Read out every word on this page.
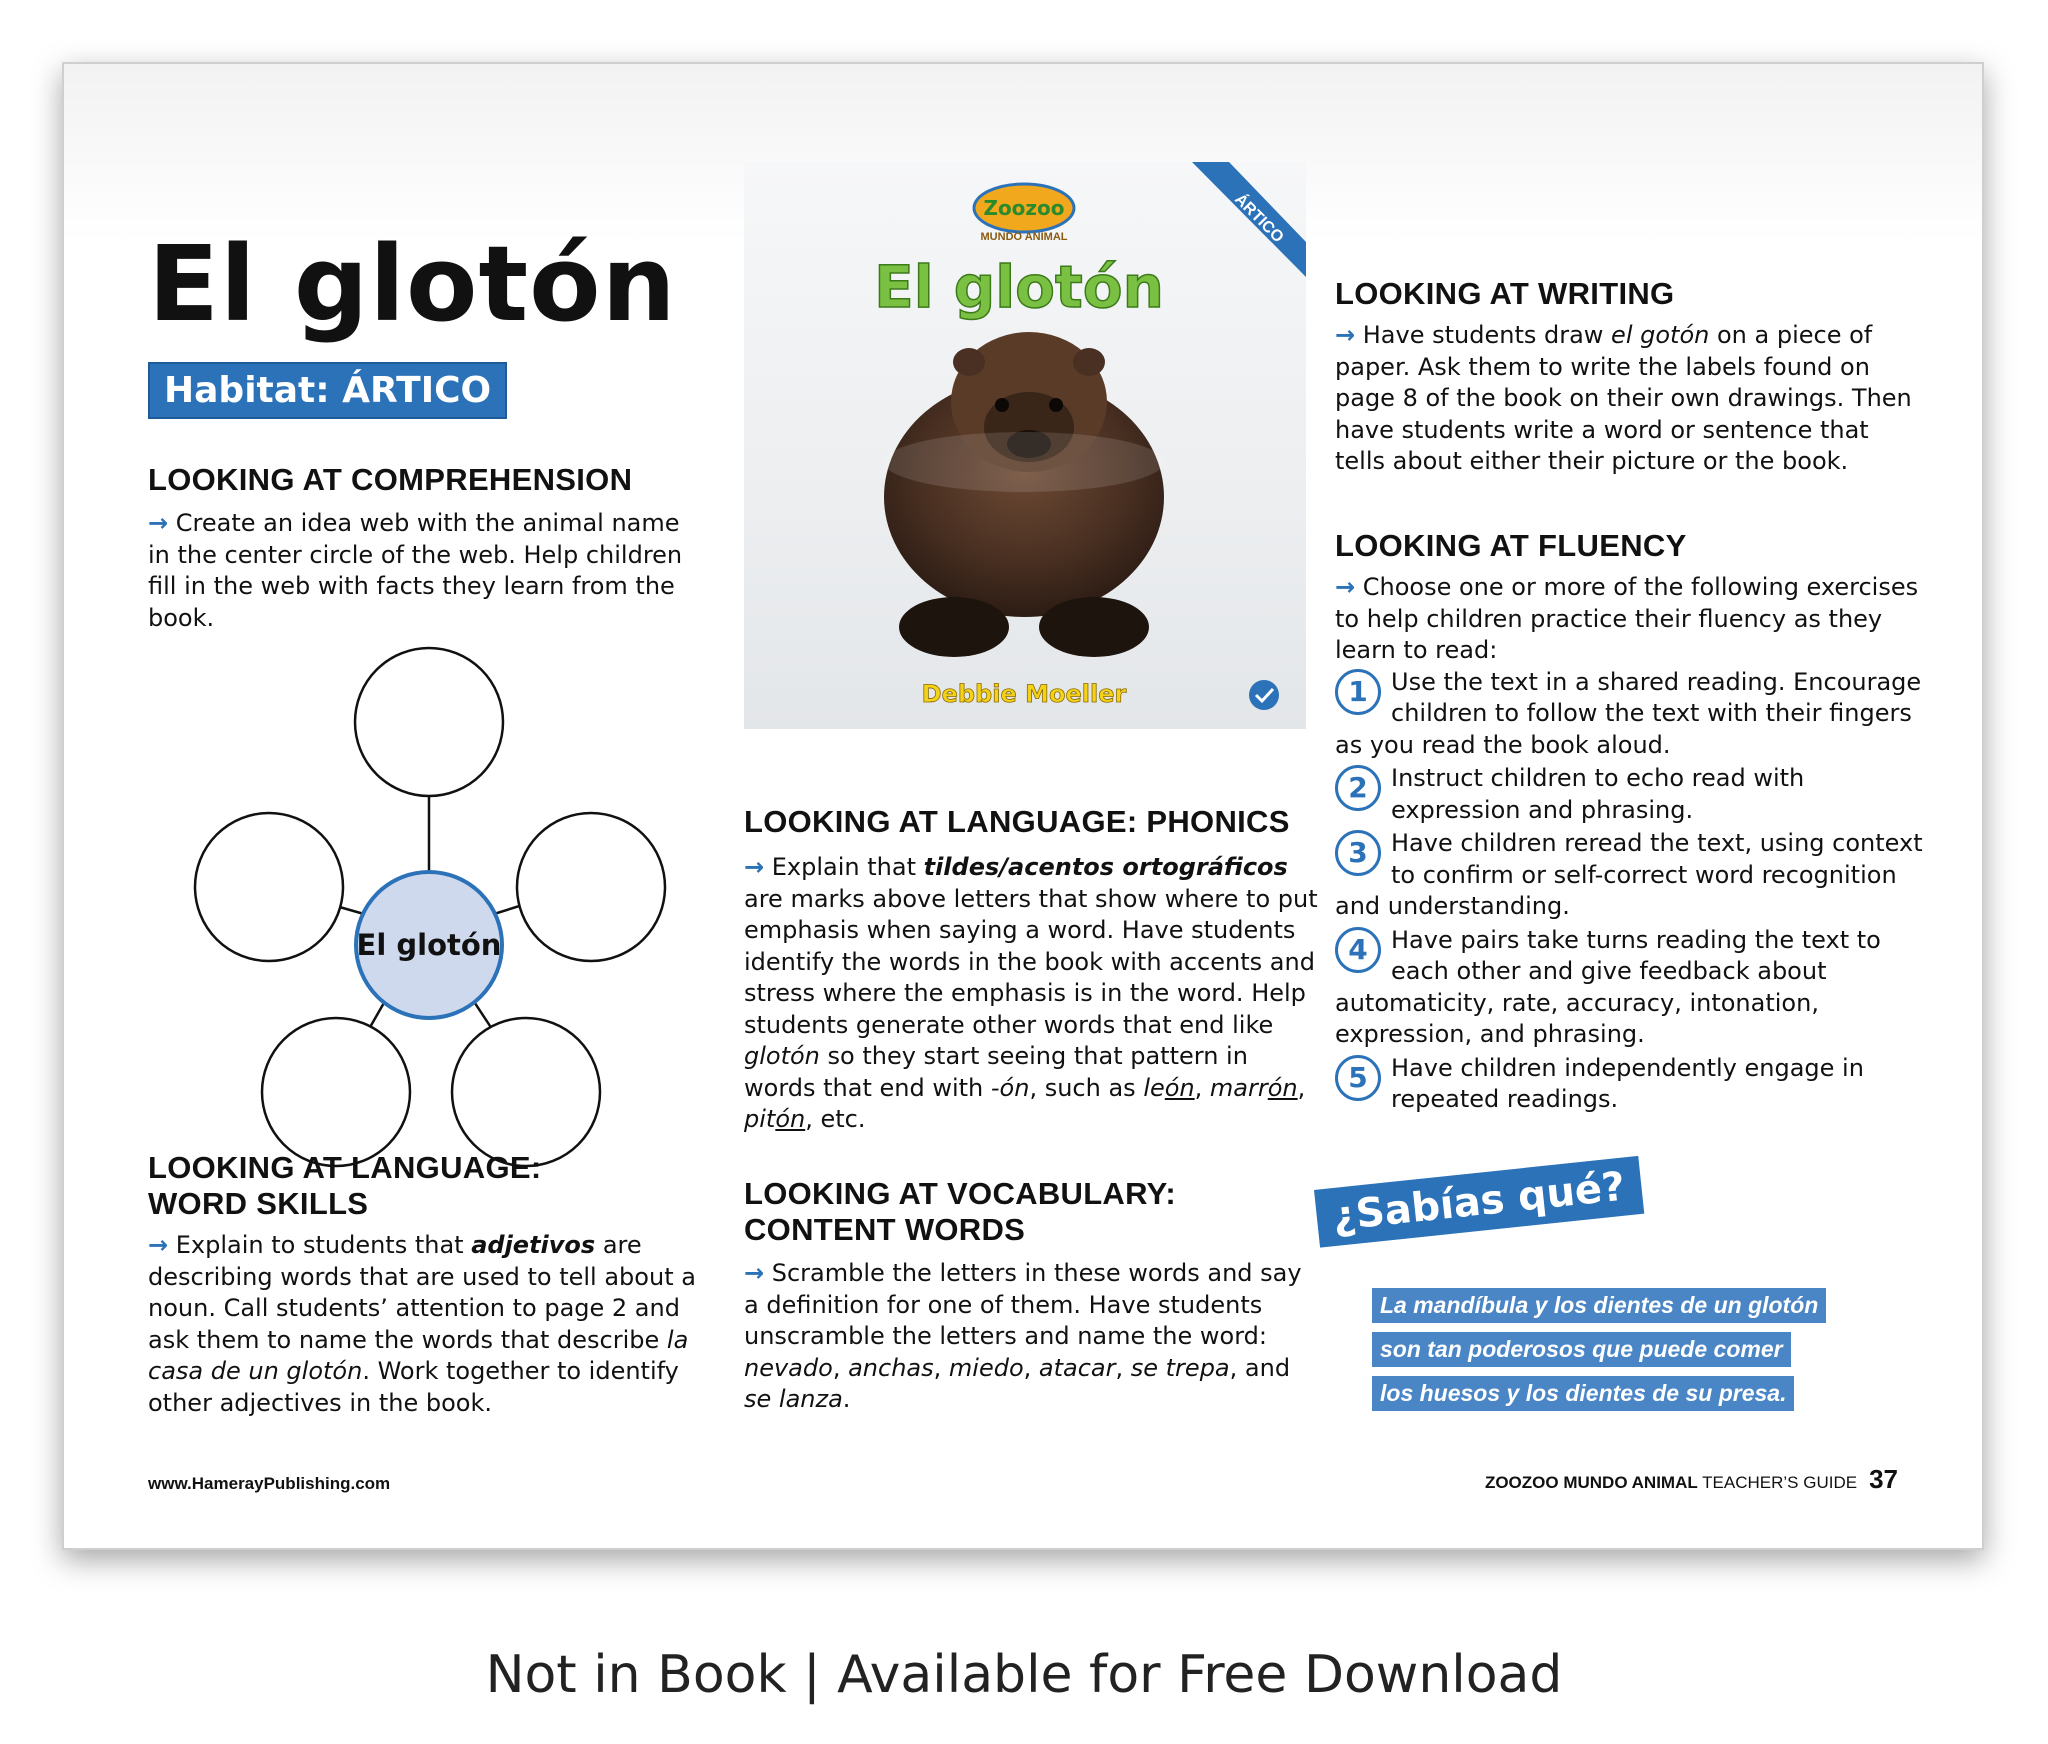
El glotón
Habitat: ÁRTICO
LOOKING AT COMPREHENSION

→ Create an idea web with the animal name in the center circle of the web. Help children fill in the web with facts they learn from the book.

El glotón
LOOKING AT LANGUAGE:
WORD SKILLS

→ Explain to students that adjetivos are describing words that are used to tell about a noun. Call students’ attention to page 2 and ask them to name the words that describe la casa de un glotón. Work together to identify other adjectives in the book.

ÁRTICO
Zoozoo
MUNDO ANIMAL
El glotón
Debbie Moeller
LOOKING AT LANGUAGE: PHONICS

→ Explain that tildes/acentos ortográficos are marks above letters that show where to put emphasis when saying a word. Have students identify the words in the book with accents and stress where the emphasis is in the word. Help students generate other words that end like glotón so they start seeing that pattern in words that end with -ón, such as león, marrón, pitón, etc.

LOOKING AT VOCABULARY:
CONTENT WORDS

→ Scramble the letters in these words and say a definition for one of them. Have students unscramble the letters and name the word: nevado, anchas, miedo, atacar, se trepa, and se lanza.

LOOKING AT WRITING

→ Have students draw el gotón on a piece of paper. Ask them to write the labels found on page 8 of the book on their own drawings. Then have students write a word or sentence that tells about either their picture or the book.

LOOKING AT FLUENCY

→ Choose one or more of the following exercises to help children practice their fluency as they learn to read:

1 Use the text in a shared reading. Encourage children to follow the text with their fingers as you read the book aloud.
2 Instruct children to echo read with expression and phrasing.
3 Have children reread the text, using context to confirm or self-correct word recognition and understanding.
4 Have pairs take turns reading the text to each other and give feedback about automaticity, rate, accuracy, intonation, expression, and phrasing.
5 Have children independently engage in repeated readings.
¿Sabías qué?
La mandíbula y los dientes de un glotón
son tan poderosos que puede comer
los huesos y los dientes de su presa.
www.HamerayPublishing.com	ZOOZOO MUNDO ANIMAL TEACHER’S GUIDE 37
Not in Book | Available for Free Download
